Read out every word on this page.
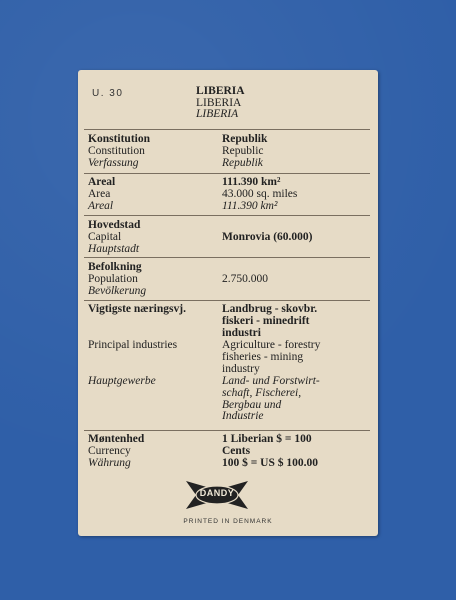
U. 30	LIBERIA
LIBERIA
LIBERIA
Konstitution
Constitution
Verfassung
Republik
Republic
Republik
Areal
Area
Areal
111.390 km²
43.000 sq. miles
111.390 km²
Hovedstad
Capital
Hauptstadt
Monrovia (60.000)
Befolkning
Population
Bevölkerung
2.750.000
Vigtigste næringsvj.
Principal industries
Hauptgewerbe
Landbrug - skovbr.
fiskeri - minedrift
industri
Agriculture - forestry
fisheries - mining
industry
Land- und Forstwirt-
schaft, Fischerei,
Bergbau und
Industrie
Møntenhed
Currency
Währung
1 Liberian $ = 100
Cents
100 $ = US $ 100.00
DANDY
PRINTED IN DENMARK
